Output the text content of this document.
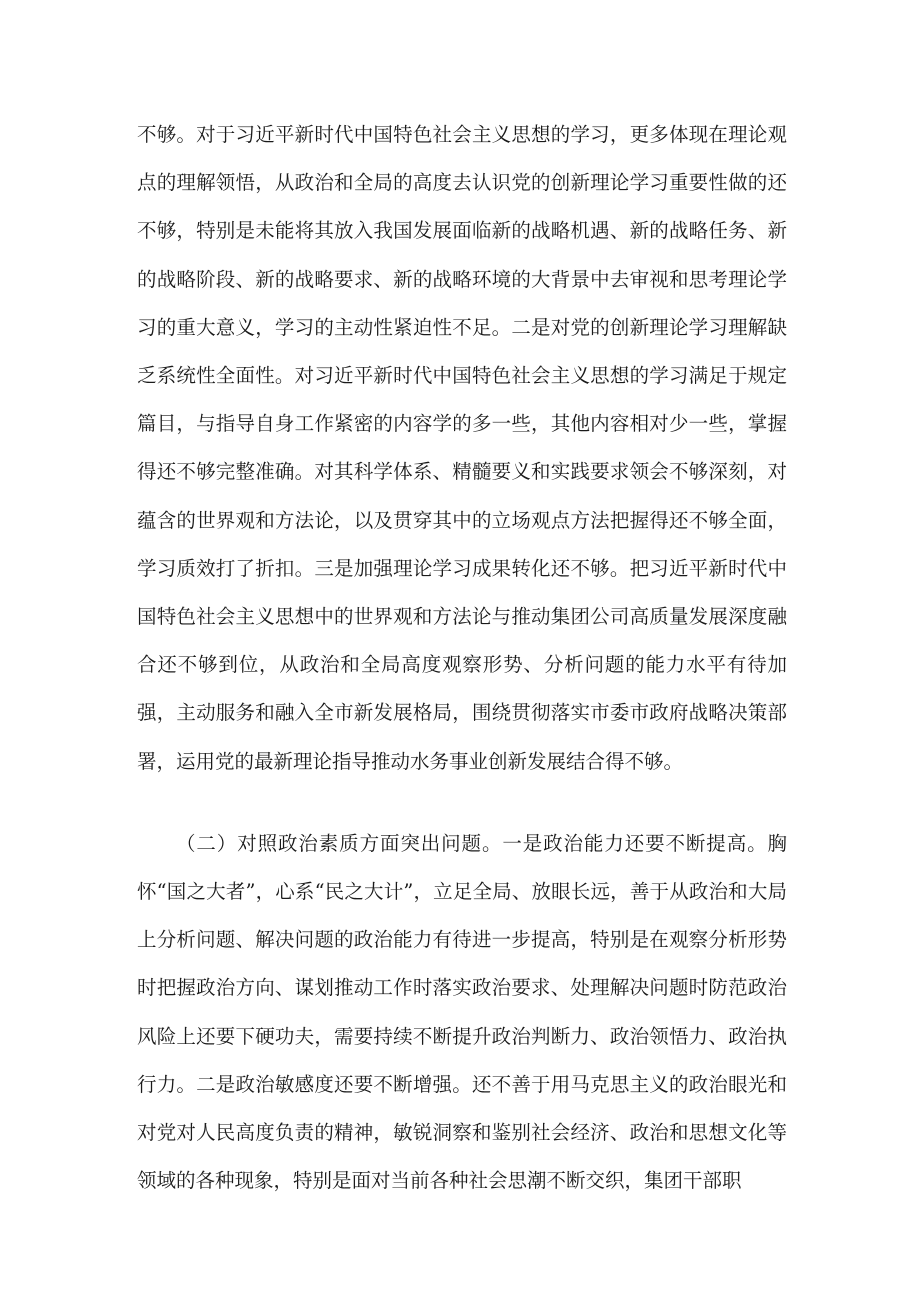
不够。对于习近平新时代中国特色社会主义思想的学习，更多体现在理论观点的理解领悟，从政治和全局的高度去认识党的创新理论学习重要性做的还不够，特别是未能将其放入我国发展面临新的战略机遇、新的战略任务、新的战略阶段、新的战略要求、新的战略环境的大背景中去审视和思考理论学习的重大意义，学习的主动性紧迫性不足。二是对党的创新理论学习理解缺乏系统性全面性。对习近平新时代中国特色社会主义思想的学习满足于规定篇目，与指导自身工作紧密的内容学的多一些，其他内容相对少一些，掌握得还不够完整准确。对其科学体系、精髓要义和实践要求领会不够深刻，对蕴含的世界观和方法论，以及贯穿其中的立场观点方法把握得还不够全面，学习质效打了折扣。三是加强理论学习成果转化还不够。把习近平新时代中国特色社会主义思想中的世界观和方法论与推动集团公司高质量发展深度融合还不够到位，从政治和全局高度观察形势、分析问题的能力水平有待加强，主动服务和融入全市新发展格局，围绕贯彻落实市委市政府战略决策部署，运用党的最新理论指导推动水务事业创新发展结合得不够。

（二）对照政治素质方面突出问题。一是政治能力还要不断提高。胸怀“国之大者”，心系“民之大计”，立足全局、放眼长远，善于从政治和大局上分析问题、解决问题的政治能力有待进一步提高，特别是在观察分析形势时把握政治方向、谋划推动工作时落实政治要求、处理解决问题时防范政治风险上还要下硬功夫，需要持续不断提升政治判断力、政治领悟力、政治执行力。二是政治敏感度还要不断增强。还不善于用马克思主义的政治眼光和对党对人民高度负责的精神，敏锐洞察和鉴别社会经济、政治和思想文化等领域的各种现象，特别是面对当前各种社会思潮不断交织，集团干部职
